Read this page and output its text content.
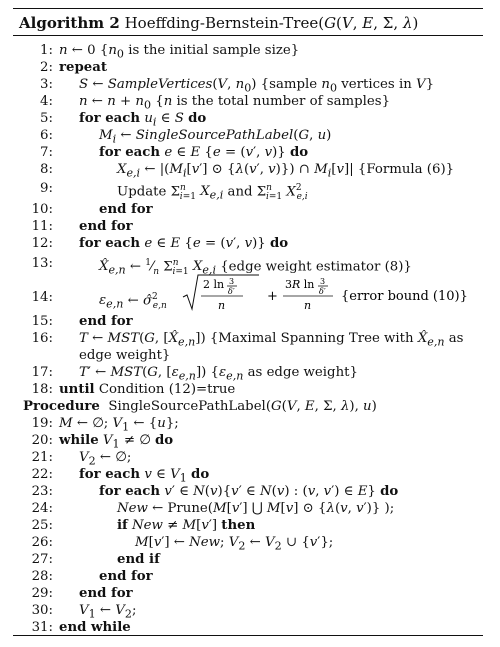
Algorithm 2 Hoeffding-Bernstein-Tree(G(V, E, Σ, λ)
1: n ← 0 {$n_0$ is the initial sample size}
2: repeat
3: S ← SampleVertices(V, $n_0$) {sample $n_0$ vertices in V}
4: n ← $n + n_0$ {n is the total number of samples}
5: for each $u_i$ ∈ S do
6:	$M_i$ ← SingleSourcePathLabel(G, u)
7:	for each e ∈ E {e = (v′, v)} do
8:	$X_{e,i}$ ← $|(M_i[v']$ ⊙ {λ(v′, v)}) ∩ $M_i[v]|$ {Formula (6)}
9:	Update $\Sigma^n_{i=1}$ $X_{e,i}$ and $\Sigma^n_{i=1}$ $X^2_{e,i}$
10:	end for
11: end for
12: for each e ∈ E {e = (v′, v)} do
13:	$X̂_{e,n}$ ← $^1⁄_n$ $\Sigma^n_{i=1}$ $X_{e,i}$ {edge weight estimator (8)}
14:	$\varepsilon_{e,n}$ ← σ̂$^2_{e,n}$
2 ln 3
δ′
n
+
3R ln 3
δ′
n
{error bound (10)}
15: end for
16: T ← MST(G, $[X̂_{e,n}]$) {Maximal Spanning Tree with $X̂_{e,n}$ as
edge weight}
17: T′ ← MST(G, $[\varepsilon_{e,n}]$) {$\varepsilon_{e,n}$ as edge weight}
18: until Condition (12)=true
Procedure  SingleSourcePathLabel(G(V, E, Σ, λ), u)
19: M ← ∅; $V_1$ ← {u};
20: while $V_1$ ≠ ∅ do
21: $V_2$ ← ∅;
22: for each v ∈ $V_1$ do
23:	for each v′ ∈ N(v){v′ ∈ N(v) : (v, v′) ∈ E} do
24:	New ← Prune(M[v′] ⋃ M[v] ⊙ {λ(v, v′)} );
25:	if New ≠ M[v′] then
26:	M[v′] ← New; $V_2$ ← $V_2$ ∪ {v′};
27:	end if
28:	end for
29: end for
30: $V_1$ ← $V_2$;
31: end while
